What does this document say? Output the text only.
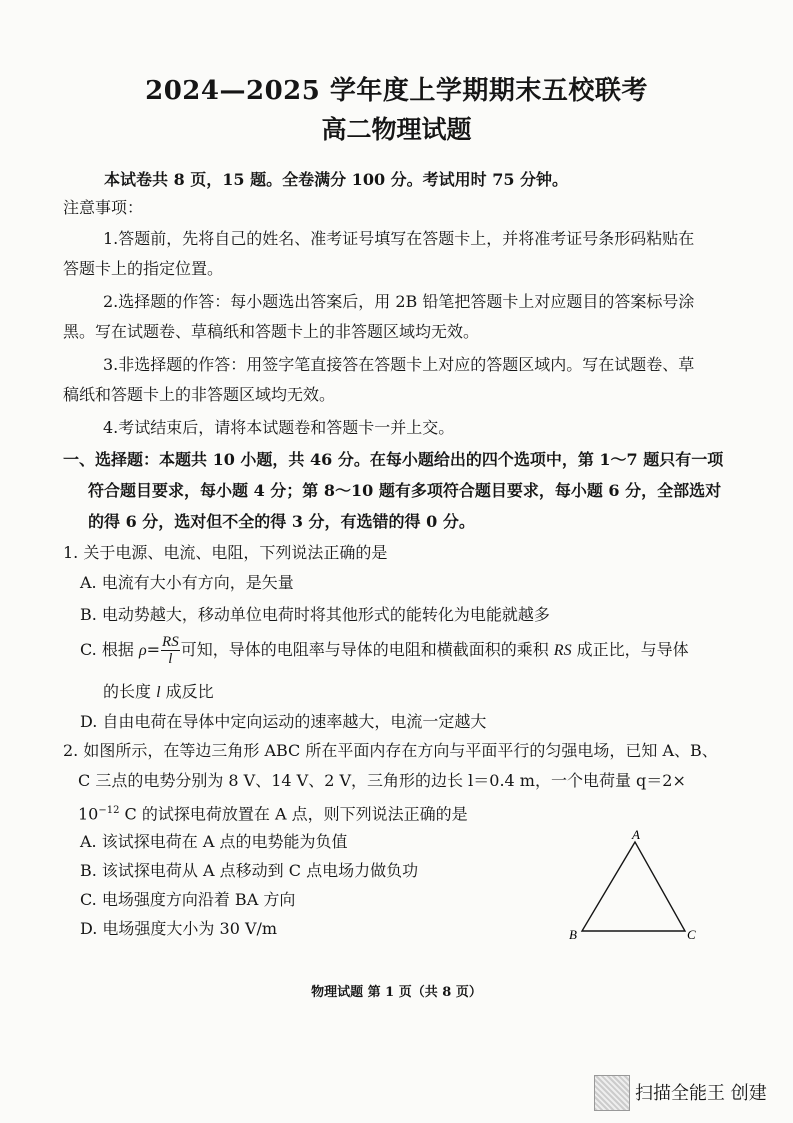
2024—2025 学年度上学期期末五校联考
高二物理试题
本试卷共 8 页，15 题。全卷满分 100 分。考试用时 75 分钟。
注意事项：
1.答题前，先将自己的姓名、准考证号填写在答题卡上，并将准考证号条形码粘贴在
答题卡上的指定位置。
2.选择题的作答：每小题选出答案后，用 2B 铅笔把答题卡上对应题目的答案标号涂
黑。写在试题卷、草稿纸和答题卡上的非答题区域均无效。
3.非选择题的作答：用签字笔直接答在答题卡上对应的答题区域内。写在试题卷、草
稿纸和答题卡上的非答题区域均无效。
4.考试结束后，请将本试题卷和答题卡一并上交。
一、选择题：本题共 10 小题，共 46 分。在每小题给出的四个选项中，第 1～7 题只有一项
符合题目要求，每小题 4 分；第 8～10 题有多项符合题目要求，每小题 6 分，全部选对
的得 6 分，选对但不全的得 3 分，有选错的得 0 分。
1. 关于电源、电流、电阻，下列说法正确的是
A. 电流有大小有方向，是矢量
B. 电动势越大，移动单位电荷时将其他形式的能转化为电能就越多
C. 根据 $\rho= \frac{RS}{l}$ 可知，导体的电阻率与导体的电阻和横截面积的乘积 RS 成正比，与导体
的长度 l 成反比
D. 自由电荷在导体中定向运动的速率越大，电流一定越大
2. 如图所示，在等边三角形 ABC 所在平面内存在方向与平面平行的匀强电场，已知 A、B、
C 三点的电势分别为 8 V、14 V、2 V，三角形的边长 l＝0.4 m，一个电荷量 q＝2×
$10^{-12}$ C 的试探电荷放置在 A 点，则下列说法正确的是
A. 该试探电荷在 A 点的电势能为负值
B. 该试探电荷从 A 点移动到 C 点电场力做负功
C. 电场强度方向沿着 BA 方向
D. 电场强度大小为 30 V/m
A
B	C
物理试题 第 1 页（共 8 页）
扫描全能王 创建
